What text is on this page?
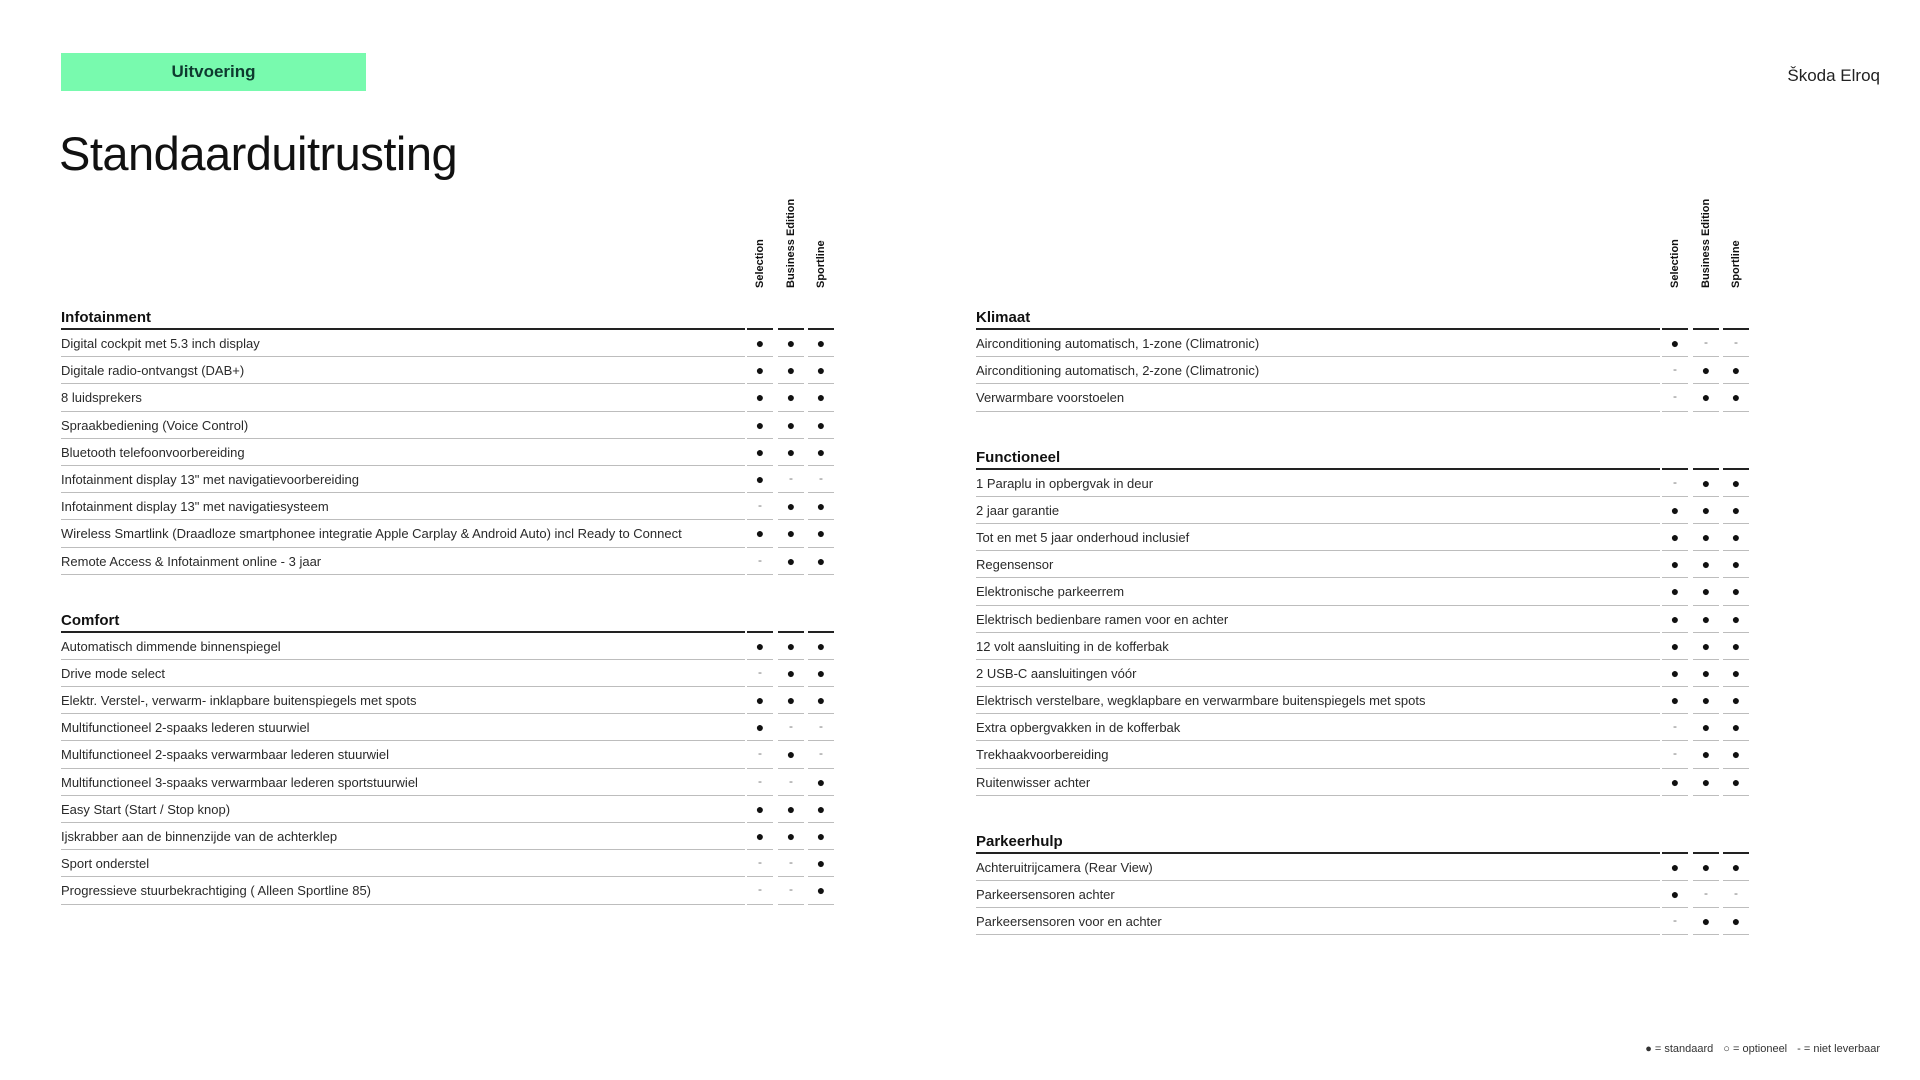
Uitvoering	Škoda Elroq
Standaarduitrusting
Selection Business Edition Sportline
Infotainment
Digital cockpit met 5.3 inch display	●	●	●
Digitale radio-ontvangst (DAB+)	●	●	●
8 luidsprekers	●	●	●
Spraakbediening (Voice Control)	●	●	●
Bluetooth telefoonvoorbereiding	●	●	●
Infotainment display 13" met navigatievoorbereiding	●	-	-
Infotainment display 13" met navigatiesysteem	-	●	●
Wireless Smartlink (Draadloze smartphonee integratie Apple Carplay & Android Auto) incl Ready to Connect	●	●	●
Remote Access & Infotainment online - 3 jaar	-	●	●
Comfort
Automatisch dimmende binnenspiegel	●	●	●
Drive mode select	-	●	●
Elektr. Verstel-, verwarm- inklapbare buitenspiegels met spots	●	●	●
Multifunctioneel 2-spaaks lederen stuurwiel	●	-	-
Multifunctioneel 2-spaaks verwarmbaar lederen stuurwiel	-	●	-
Multifunctioneel 3-spaaks verwarmbaar lederen sportstuurwiel	-	-	●
Easy Start (Start / Stop knop)	●	●	●
Ijskrabber aan de binnenzijde van de achterklep	●	●	●
Sport onderstel	-	-	●
Progressieve stuurbekrachtiging ( Alleen Sportline 85)	-	-	●
Selection Business Edition Sportline
Klimaat
Airconditioning automatisch, 1-zone (Climatronic)	●	-	-
Airconditioning automatisch, 2-zone (Climatronic)	-	●	●
Verwarmbare voorstoelen	-	●	●
Functioneel
1 Paraplu in opbergvak in deur	-	●	●
2 jaar garantie	●	●	●
Tot en met 5 jaar onderhoud inclusief	●	●	●
Regensensor	●	●	●
Elektronische parkeerrem	●	●	●
Elektrisch bedienbare ramen voor en achter	●	●	●
12 volt aansluiting in de kofferbak	●	●	●
2 USB-C aansluitingen vóór	●	●	●
Elektrisch verstelbare, wegklapbare en verwarmbare buitenspiegels met spots	●	●	●
Extra opbergvakken in de kofferbak	-	●	●
Trekhaakvoorbereiding	-	●	●
Ruitenwisser achter	●	●	●
Parkeerhulp
Achteruitrijcamera (Rear View)	●	●	●
Parkeersensoren achter	●	-	-
Parkeersensoren voor en achter	-	●	●
● = standaard ○ = optioneel - = niet leverbaar
